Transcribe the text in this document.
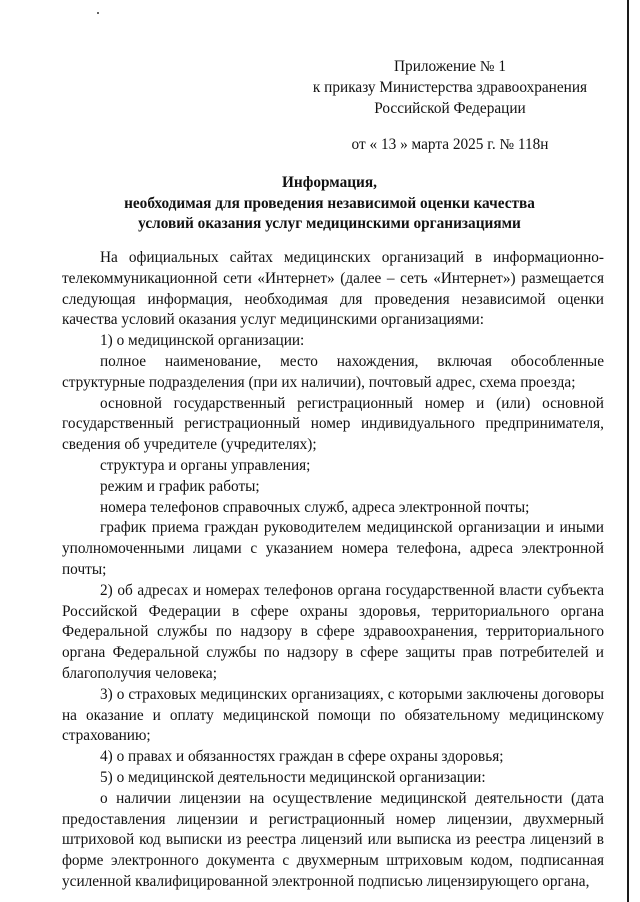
Приложение № 1
к приказу Министерства здравоохранения
Российской Федерации
от « 13 » марта 2025 г. № 118н
Информация,
необходимая для проведения независимой оценки качества
условий оказания услуг медицинскими организациями

На официальных сайтах медицинских организаций в информационно-телекоммуникационной сети «Интернет» (далее – сеть «Интернет») размещается следующая информация, необходимая для проведения независимой оценки качества условий оказания услуг медицинскими организациями:

1) о медицинской организации:

полное наименование, место нахождения, включая обособленные структурные подразделения (при их наличии), почтовый адрес, схема проезда;

основной государственный регистрационный номер и (или) основной государственный регистрационный номер индивидуального предпринимателя, сведения об учредителе (учредителях);

структура и органы управления;

режим и график работы;

номера телефонов справочных служб, адреса электронной почты;

график приема граждан руководителем медицинской организации и иными уполномоченными лицами с указанием номера телефона, адреса электронной почты;

2) об адресах и номерах телефонов органа государственной власти субъекта Российской Федерации в сфере охраны здоровья, территориального органа Федеральной службы по надзору в сфере здравоохранения, территориального органа Федеральной службы по надзору в сфере защиты прав потребителей и благополучия человека;

3) о страховых медицинских организациях, с которыми заключены договоры на оказание и оплату медицинской помощи по обязательному медицинскому страхованию;

4) о правах и обязанностях граждан в сфере охраны здоровья;

5) о медицинской деятельности медицинской организации:

о наличии лицензии на осуществление медицинской деятельности (дата предоставления лицензии и регистрационный номер лицензии, двухмерный штриховой код выписки из реестра лицензий или выписка из реестра лицензий в форме электронного документа с двухмерным штриховым кодом, подписанная усиленной квалифицированной электронной подписью лицензирующего органа,
